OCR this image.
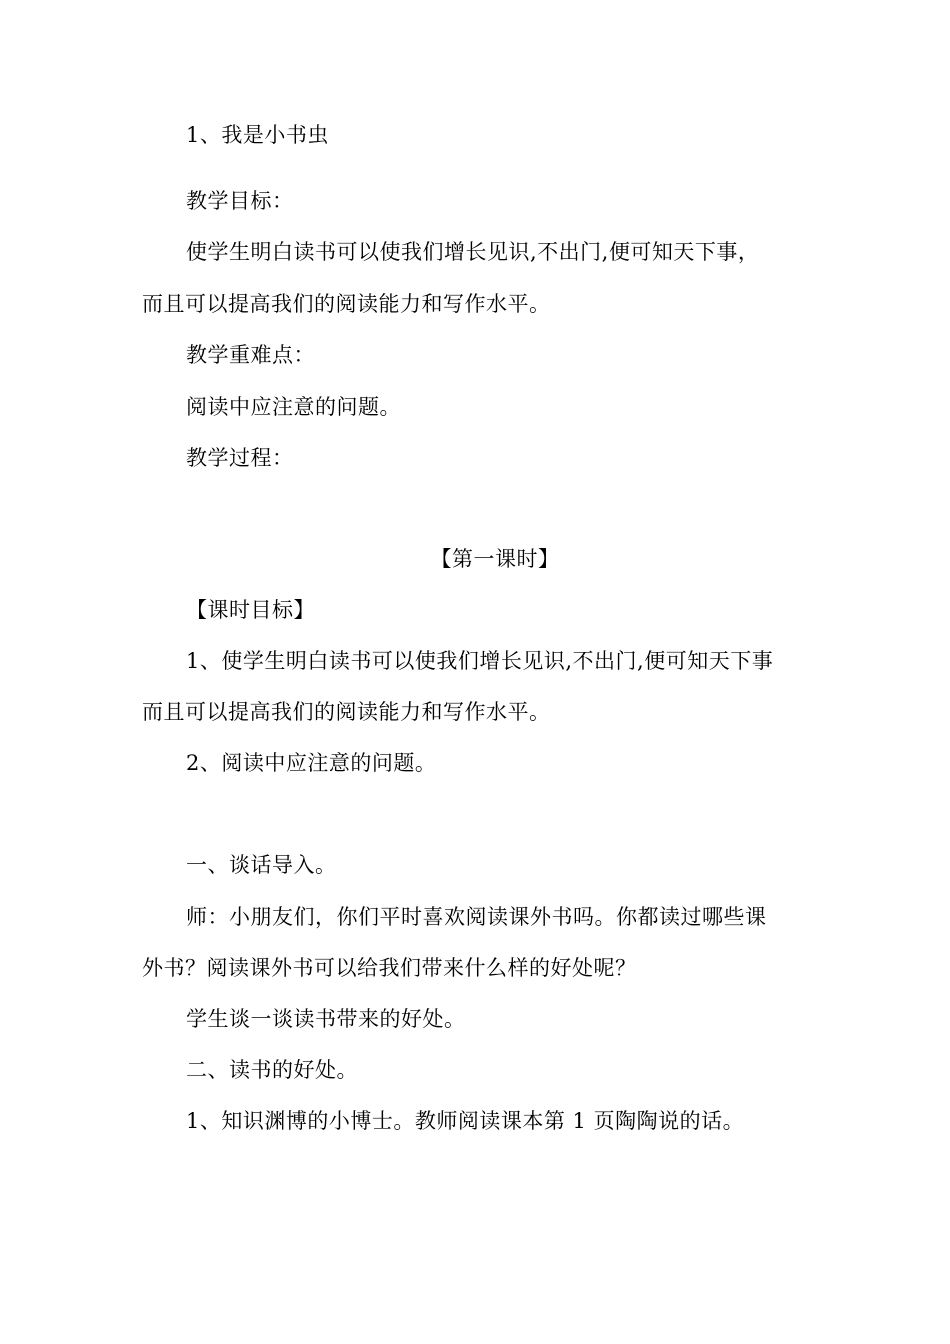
1、我是小书虫
教学目标：
使学生明白读书可以使我们增长见识,不出门,便可知天下事，
而且可以提高我们的阅读能力和写作水平。
教学重难点：
阅读中应注意的问题。
教学过程：
【第一课时】
【课时目标】
1、使学生明白读书可以使我们增长见识,不出门,便可知天下事
而且可以提高我们的阅读能力和写作水平。
2、阅读中应注意的问题。
一、谈话导入。
师：小朋友们，你们平时喜欢阅读课外书吗。你都读过哪些课
外书？阅读课外书可以给我们带来什么样的好处呢？
学生谈一谈读书带来的好处。
二、读书的好处。
1、知识渊博的小博士。教师阅读课本第 1 页陶陶说的话。
